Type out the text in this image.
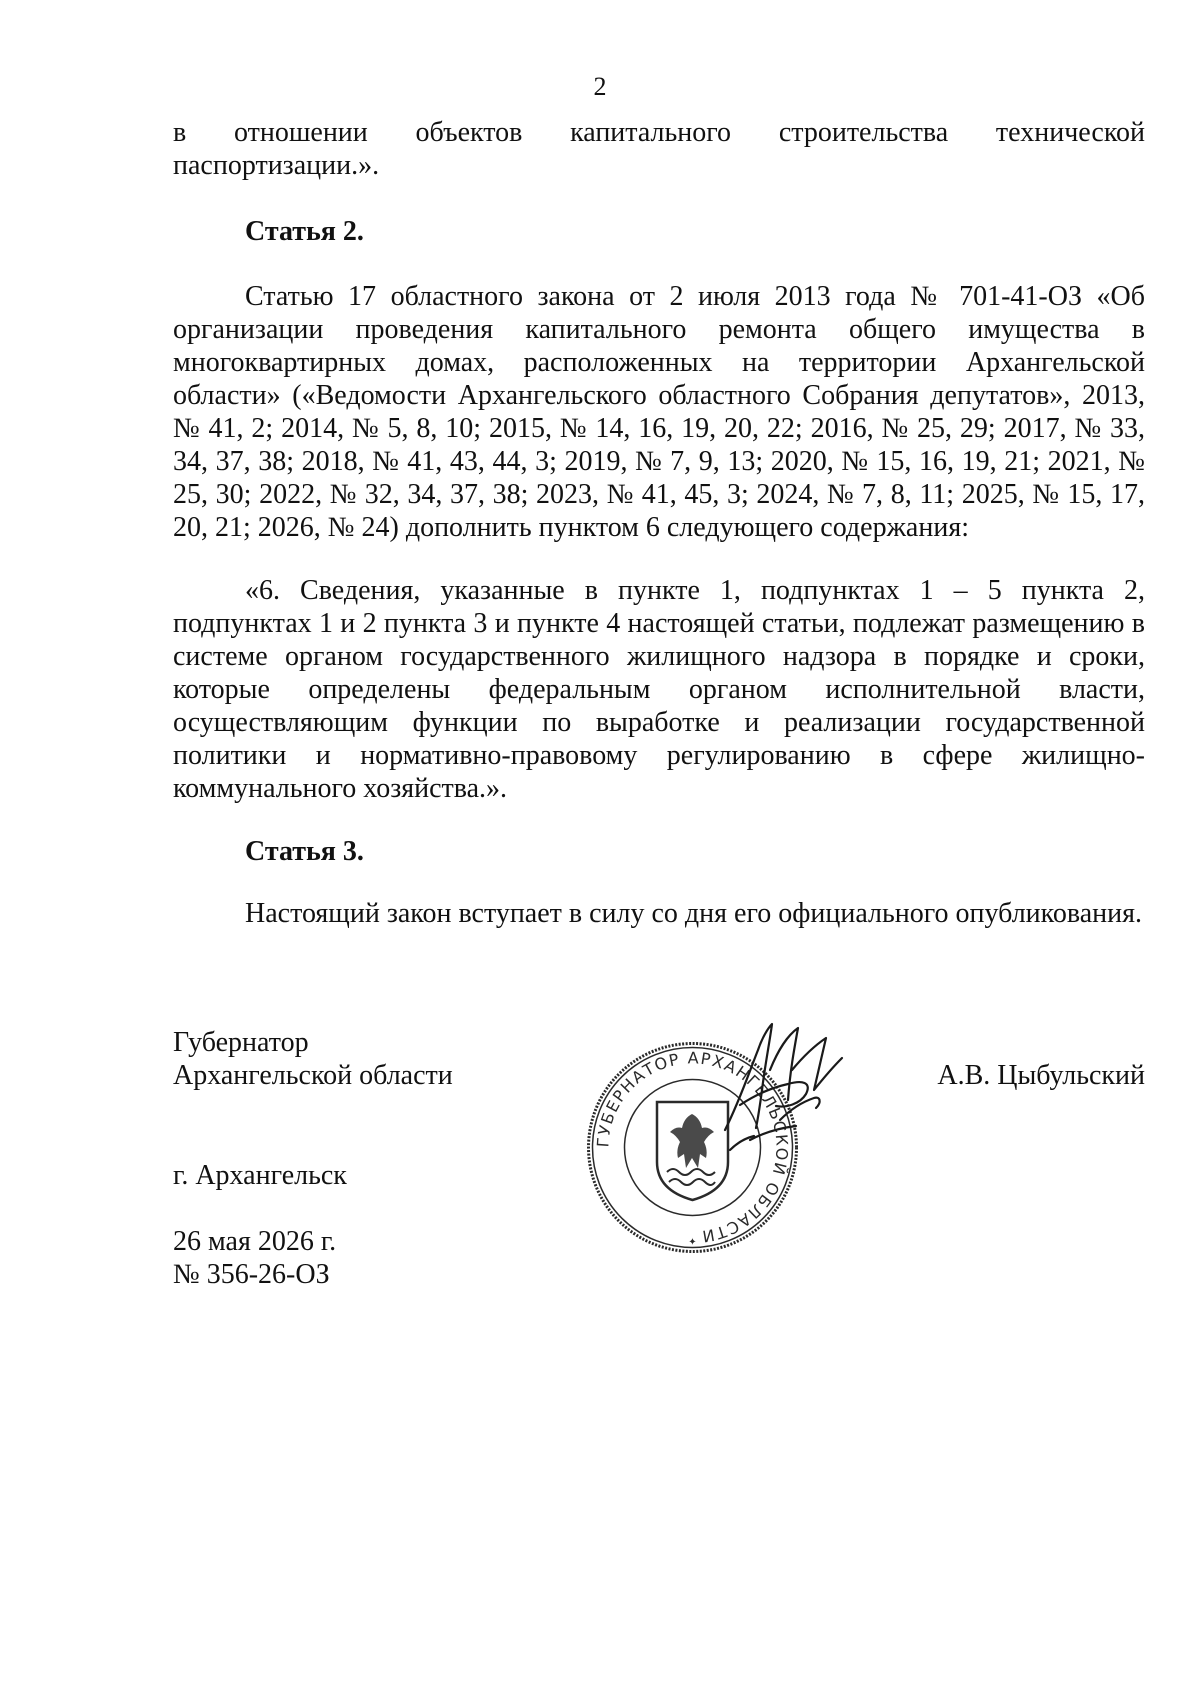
2

в отношении объектов капитального строительства технической паспортизации.».

Статья 2.

Статью 17 областного закона от 2 июля 2013 года № 701-41-ОЗ «Об организации проведения капитального ремонта общего имущества в многоквартирных домах, расположенных на территории Архангельской области» («Ведомости Архангельского областного Собрания депутатов», 2013, № 41, 2; 2014, № 5, 8, 10; 2015, № 14, 16, 19, 20, 22; 2016, № 25, 29; 2017, № 33, 34, 37, 38; 2018, № 41, 43, 44, 3; 2019, № 7, 9, 13; 2020, № 15, 16, 19, 21; 2021, № 25, 30; 2022, № 32, 34, 37, 38; 2023, № 41, 45, 3; 2024, № 7, 8, 11; 2025, № 15, 17, 20, 21; 2026, № 24) дополнить пунктом 6 следующего содержания:

«6. Сведения, указанные в пункте 1, подпунктах 1 – 5 пункта 2, подпунктах 1 и 2 пункта 3 и пункте 4 настоящей статьи, подлежат размещению в системе органом государственного жилищного надзора в порядке и сроки, которые определены федеральным органом исполнительной власти, осуществляющим функции по выработке и реализации государственной политики и нормативно-правовому регулированию в сфере жилищно-коммунального хозяйства.».

Статья 3.

Настоящий закон вступает в силу со дня его официального опубликования.

Губернатор
Архангельской области	А.В. Цыбульский
г. Архангельск
26 мая 2026 г.
№ 356-26-ОЗ
ГУБЕРНАТОР АРХАНГЕЛЬСКОЙ ОБЛАСТИ
✦
